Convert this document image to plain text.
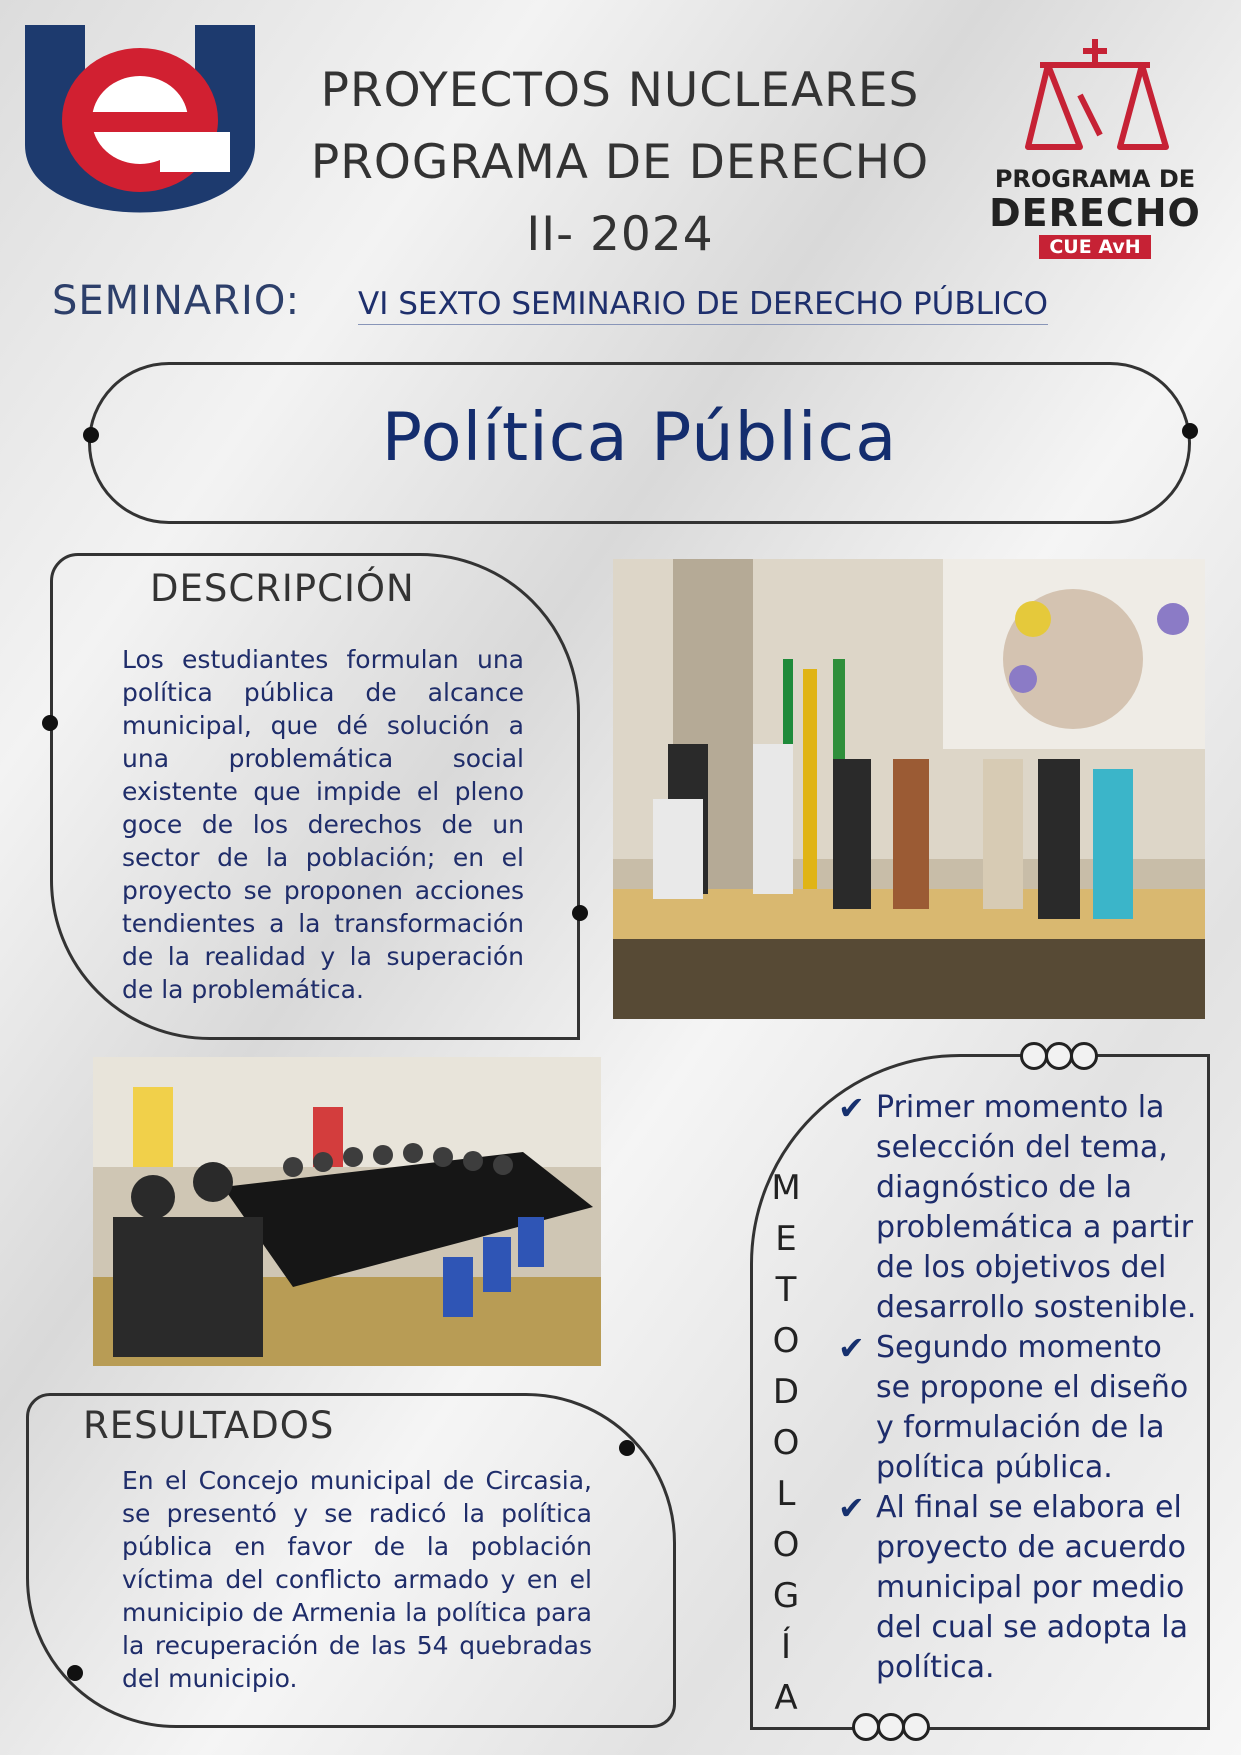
PROYECTOS NUCLEARES
PROGRAMA DE DERECHO
II- 2024
PROGRAMA DE
DERECHO
CUE AvH
SEMINARIO: VI SEXTO SEMINARIO DE DERECHO PÚBLICO
Política Pública
DESCRIPCIÓN
Los estudiantes formulan una política pública de alcance municipal, que dé solución a una problemática social existente que impide el pleno goce de los derechos de un sector de la población; en el proyecto se proponen acciones tendientes a la transformación de la realidad y la superación de la problemática.
RESULTADOS
En el Concejo municipal de Circasia, se presentó y se radicó la política pública en favor de la población víctima del conflicto armado y en el municipio de Armenia la política para la recuperación de las 54 quebradas del municipio.
M
E
T
O
D
O
L
O
G
Í
A
✔ Primer momento la selección del tema, diagnóstico de la problemática a partir de los objetivos del desarrollo sostenible.
✔ Segundo momento se propone el diseño y formulación de la política pública.
✔ Al final se elabora el proyecto de acuerdo municipal por medio del cual se adopta la política.
